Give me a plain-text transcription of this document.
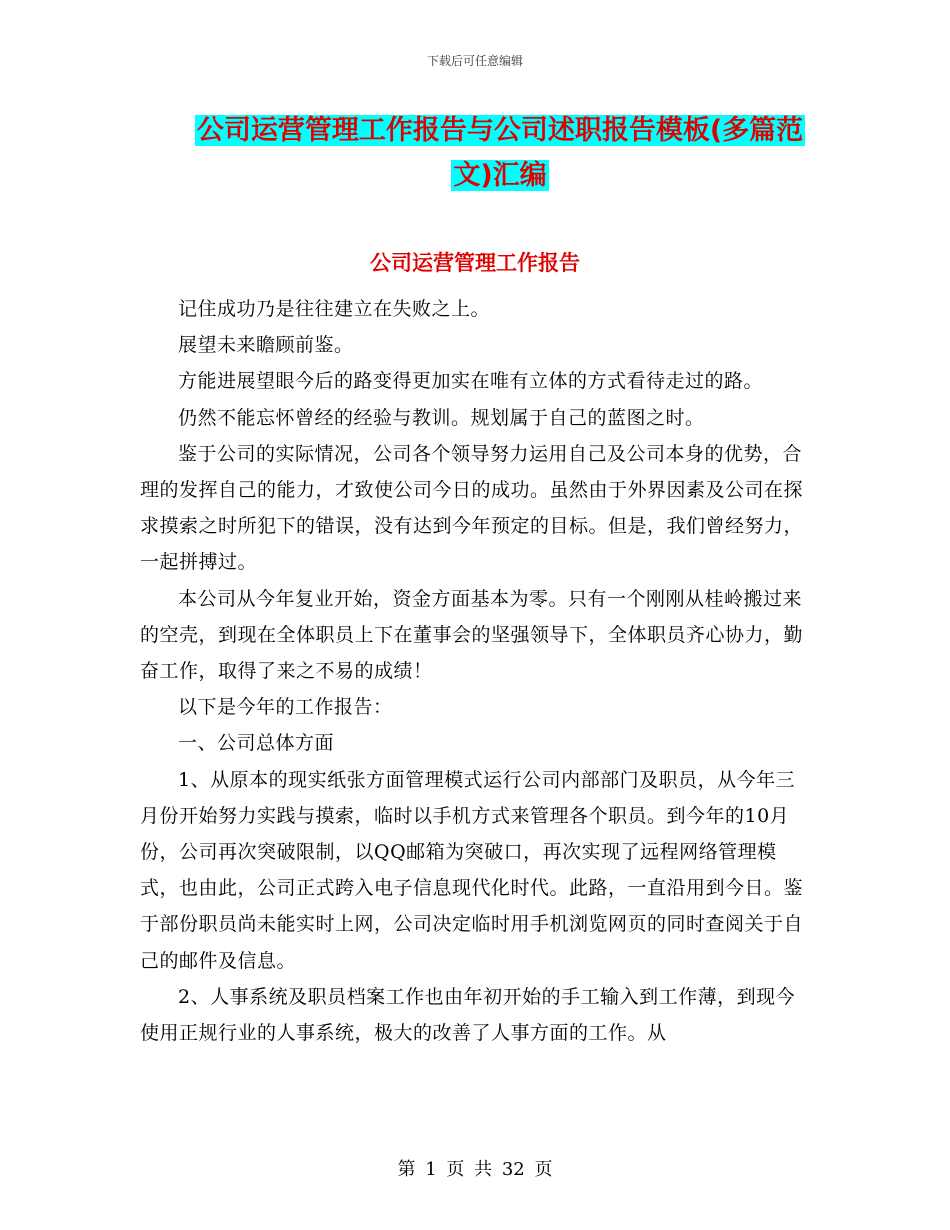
下载后可任意编辑
公司运营管理工作报告与公司述职报告模板(多篇范
文)汇编
公司运营管理工作报告

记住成功乃是往往建立在失败之上。

展望未来瞻顾前鉴。

方能进展望眼今后的路变得更加实在唯有立体的方式看待走过的路。

仍然不能忘怀曾经的经验与教训。规划属于自己的蓝图之时。

鉴于公司的实际情况，公司各个领导努力运用自己及公司本身的优势，合理的发挥自己的能力，才致使公司今日的成功。虽然由于外界因素及公司在探求摸索之时所犯下的错误，没有达到今年预定的目标。但是，我们曾经努力，一起拼搏过。

本公司从今年复业开始，资金方面基本为零。只有一个刚刚从桂岭搬过来的空壳，到现在全体职员上下在董事会的坚强领导下，全体职员齐心协力，勤奋工作，取得了来之不易的成绩！

以下是今年的工作报告：

一、公司总体方面

1、从原本的现实纸张方面管理模式运行公司内部部门及职员，从今年三月份开始努力实践与摸索，临时以手机方式来管理各个职员。到今年的10月份，公司再次突破限制，以QQ邮箱为突破口，再次实现了远程网络管理模式，也由此，公司正式跨入电子信息现代化时代。此路，一直沿用到今日。鉴于部份职员尚未能实时上网，公司决定临时用手机浏览网页的同时查阅关于自己的邮件及信息。

2、人事系统及职员档案工作也由年初开始的手工输入到工作薄，到现今使用正规行业的人事系统，极大的改善了人事方面的工作。从

第 1 页 共 32 页
